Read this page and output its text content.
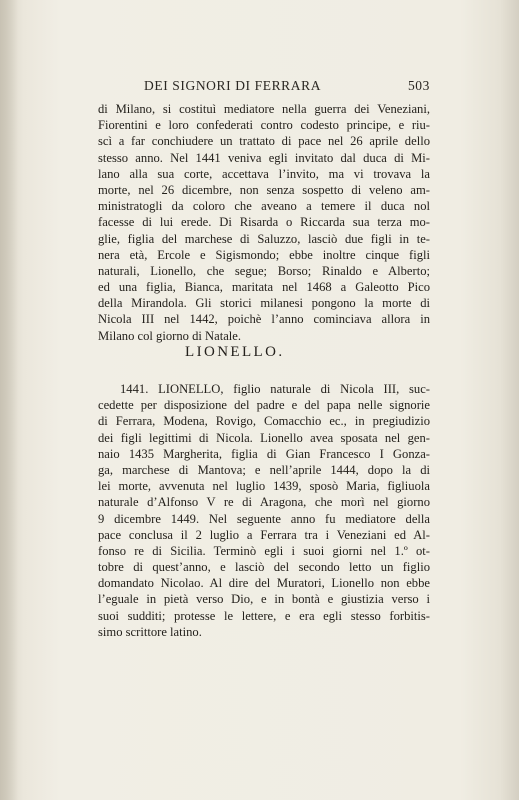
DEI SIGNORI DI FERRARA	503
di Milano, si costituì mediatore nella guerra dei Veneziani,
Fiorentini e loro confederati contro codesto principe, e riu-
scì a far conchiudere un trattato di pace nel 26 aprile dello
stesso anno. Nel 1441 veniva egli invitato dal duca di Mi-
lano alla sua corte, accettava l’invito, ma vi trovava la
morte, nel 26 dicembre, non senza sospetto di veleno am-
ministratogli da coloro che aveano a temere il duca nol
facesse di lui erede. Di Risarda o Riccarda sua terza mo-
glie, figlia del marchese di Saluzzo, lasciò due figli in te-
nera età, Ercole e Sigismondo; ebbe inoltre cinque figli
naturali, Lionello, che segue; Borso; Rinaldo e Alberto;
ed una figlia, Bianca, maritata nel 1468 a Galeotto Pico
della Mirandola. Gli storici milanesi pongono la morte di
Nicola III nel 1442, poichè l’anno cominciava allora in
Milano col giorno di Natale.
LIONELLO.
1441. LIONELLO, figlio naturale di Nicola III, suc-
cedette per disposizione del padre e del papa nelle signorie
di Ferrara, Modena, Rovigo, Comacchio ec., in pregiudizio
dei figli legittimi di Nicola. Lionello avea sposata nel gen-
naio 1435 Margherita, figlia di Gian Francesco I Gonza-
ga, marchese di Mantova; e nell’aprile 1444, dopo la di
lei morte, avvenuta nel luglio 1439, sposò Maria, figliuola
naturale d’Alfonso V re di Aragona, che morì nel giorno
9 dicembre 1449. Nel seguente anno fu mediatore della
pace conclusa il 2 luglio a Ferrara tra i Veneziani ed Al-
fonso re di Sicilia. Terminò egli i suoi giorni nel 1.º ot-
tobre di quest’anno, e lasciò del secondo letto un figlio
domandato Nicolao. Al dire del Muratori, Lionello non ebbe
l’eguale in pietà verso Dio, e in bontà e giustizia verso i
suoi sudditi; protesse le lettere, e era egli stesso forbitis-
simo scrittore latino.
